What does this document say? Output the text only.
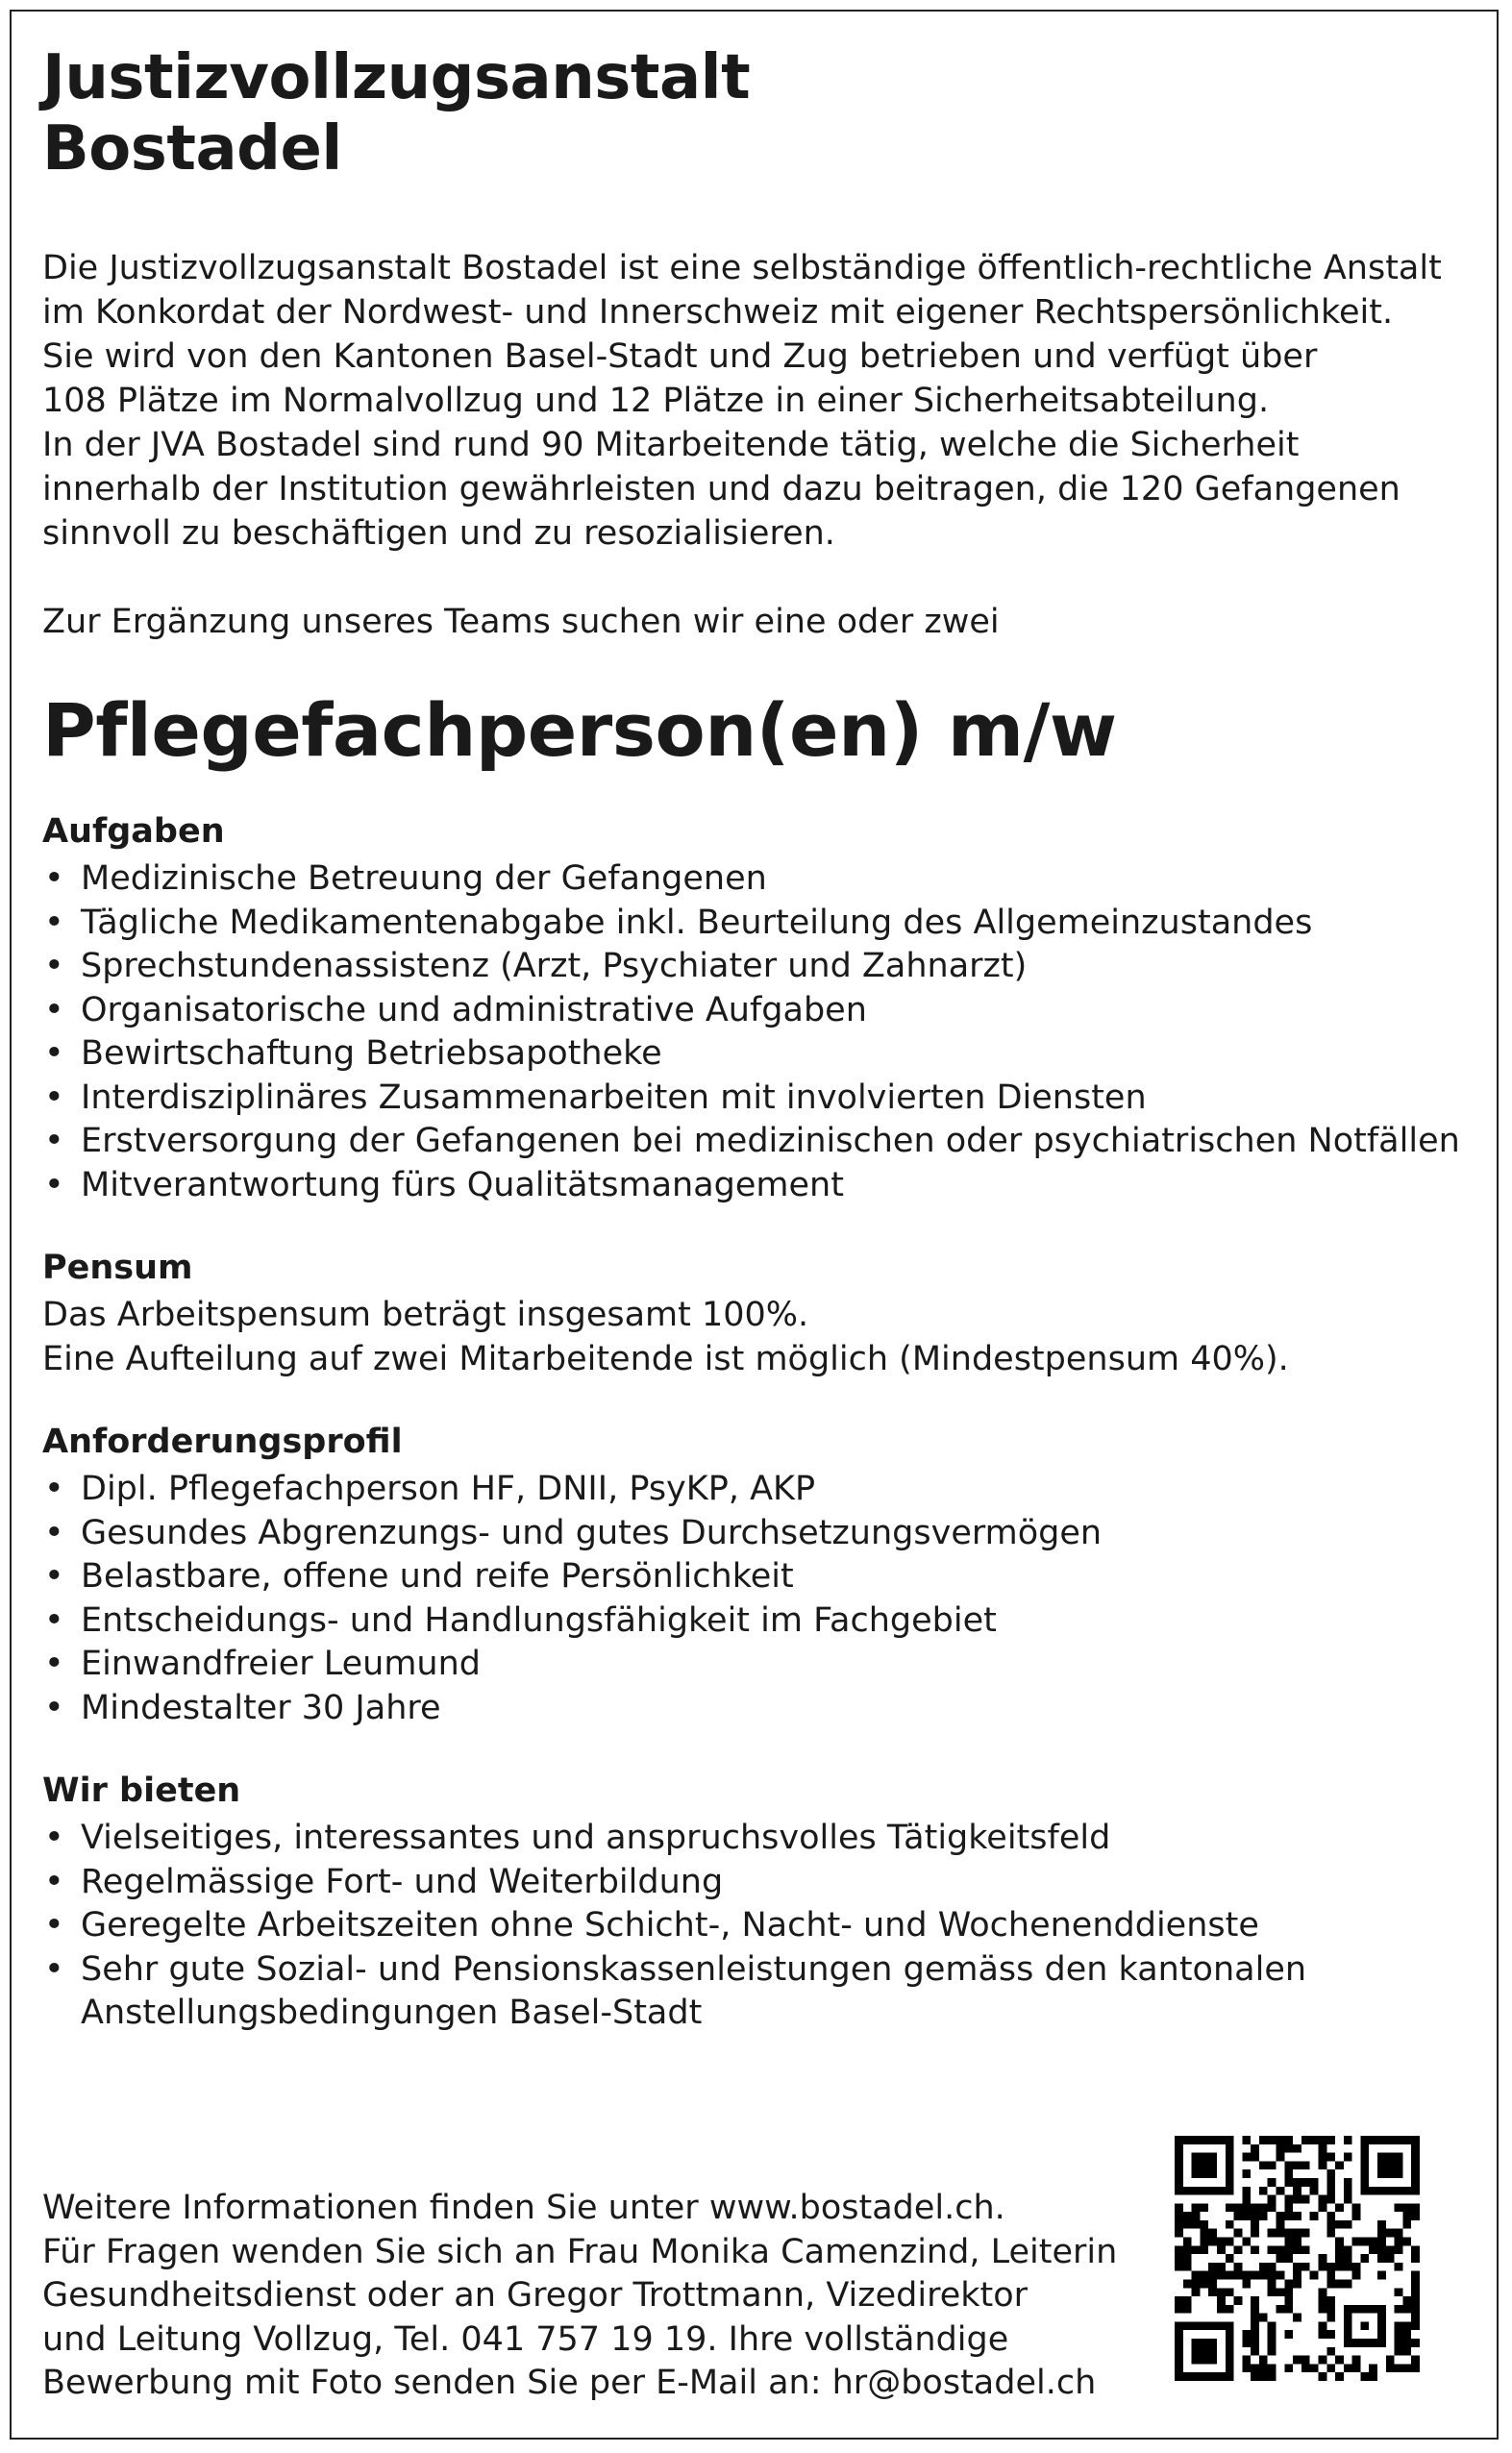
Justizvollzugsanstalt
Bostadel

Die Justizvollzugsanstalt Bostadel ist eine selbständige öffentlich-rechtliche Anstalt

im Konkordat der Nordwest- und Innerschweiz mit eigener Rechtspersönlichkeit.

Sie wird von den Kantonen Basel-Stadt und Zug betrieben und verfügt über

108 Plätze im Normalvollzug und 12 Plätze in einer Sicherheitsabteilung.

In der JVA Bostadel sind rund 90 Mitarbeitende tätig, welche die Sicherheit

innerhalb der Institution gewährleisten und dazu beitragen, die 120 Gefangenen

sinnvoll zu beschäftigen und zu resozialisieren.

Zur Ergänzung unseres Teams suchen wir eine oder zwei
Pflegefachperson(en) m/w
Aufgaben
• Medizinische Betreuung der Gefangenen
• Tägliche Medikamentenabgabe inkl. Beurteilung des Allgemeinzustandes
• Sprechstundenassistenz (Arzt, Psychiater und Zahnarzt)
• Organisatorische und administrative Aufgaben
• Bewirtschaftung Betriebsapotheke
• Interdisziplinäres Zusammenarbeiten mit involvierten Diensten
• Erstversorgung der Gefangenen bei medizinischen oder psychiatrischen Notfällen
• Mitverantwortung fürs Qualitätsmanagement
Pensum

Das Arbeitspensum beträgt insgesamt 100%.

Eine Aufteilung auf zwei Mitarbeitende ist möglich (Mindestpensum 40%).

Anforderungsprofil
• Dipl. Pflegefachperson HF, DNII, PsyKP, AKP
• Gesundes Abgrenzungs- und gutes Durchsetzungsvermögen
• Belastbare, offene und reife Persönlichkeit
• Entscheidungs- und Handlungsfähigkeit im Fachgebiet
• Einwandfreier Leumund
• Mindestalter 30 Jahre
Wir bieten
• Vielseitiges, interessantes und anspruchsvolles Tätigkeitsfeld
• Regelmässige Fort- und Weiterbildung
• Geregelte Arbeitszeiten ohne Schicht-, Nacht- und Wochenenddienste
• Sehr gute Sozial- und Pensionskassenleistungen gemäss den kantonalen Anstellungsbedingungen Basel-Stadt

Weitere Informationen finden Sie unter www.bostadel.ch.

Für Fragen wenden Sie sich an Frau Monika Camenzind, Leiterin

Gesundheitsdienst oder an Gregor Trottmann, Vizedirektor

und Leitung Vollzug, Tel. 041 757 19 19. Ihre vollständige

Bewerbung mit Foto senden Sie per E-Mail an: hr@bostadel.ch
